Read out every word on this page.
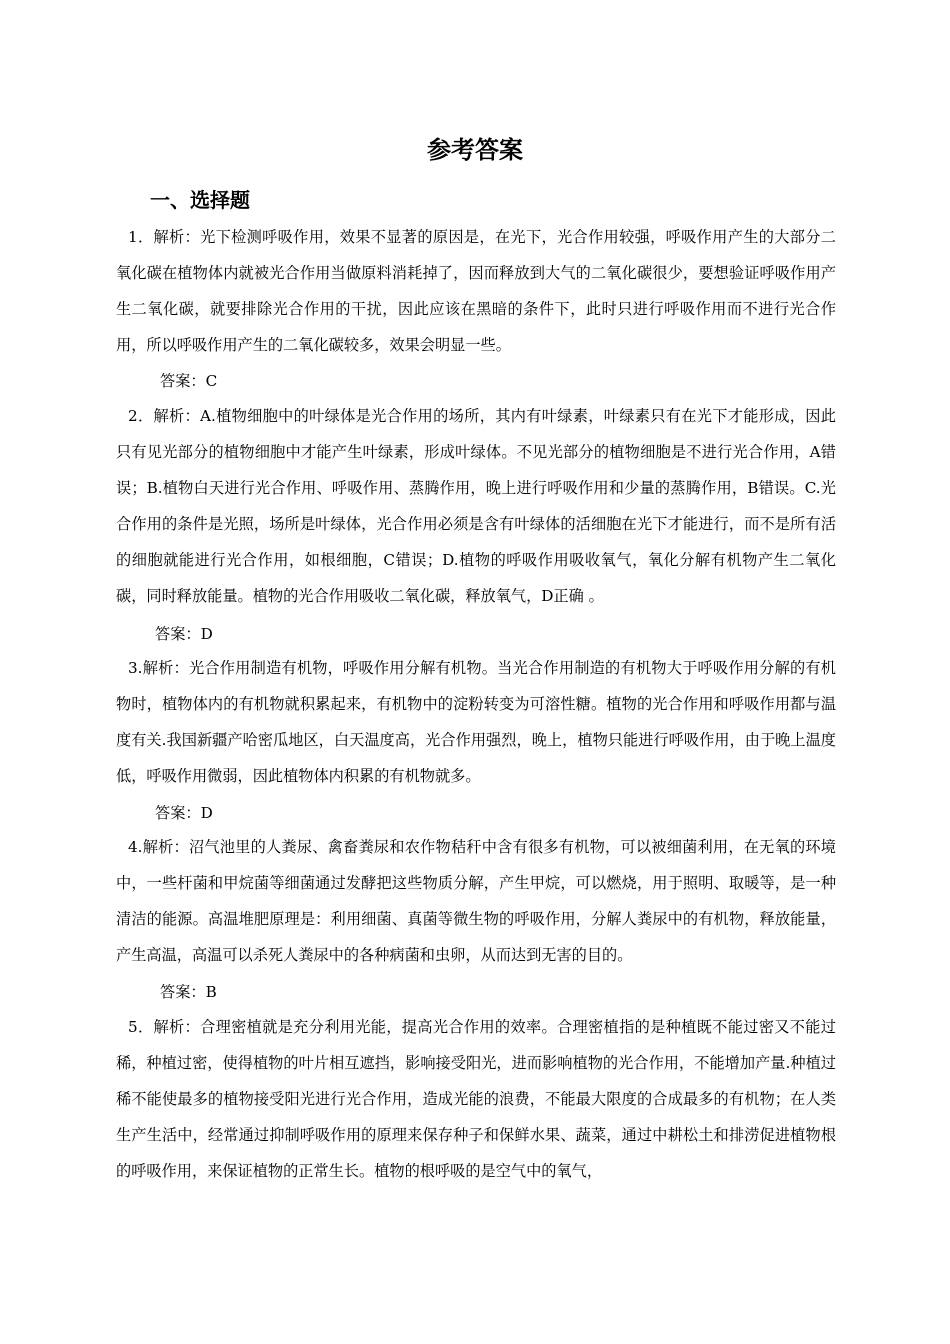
参考答案
一、选择题
1．解析：光下检测呼吸作用，效果不显著的原因是，在光下，光合作用较强，呼吸作用产生的大部分二氧化碳在植物体内就被光合作用当做原料消耗掉了，因而释放到大气的二氧化碳很少，要想验证呼吸作用产生二氧化碳，就要排除光合作用的干扰，因此应该在黑暗的条件下，此时只进行呼吸作用而不进行光合作用，所以呼吸作用产生的二氧化碳较多，效果会明显一些。
答案：C
2．解析：A.植物细胞中的叶绿体是光合作用的场所，其内有叶绿素，叶绿素只有在光下才能形成，因此只有见光部分的植物细胞中才能产生叶绿素，形成叶绿体。不见光部分的植物细胞是不进行光合作用，A错误；B.植物白天进行光合作用、呼吸作用、蒸腾作用，晚上进行呼吸作用和少量的蒸腾作用，B错误。C.光合作用的条件是光照，场所是叶绿体，光合作用必须是含有叶绿体的活细胞在光下才能进行，而不是所有活的细胞就能进行光合作用，如根细胞，C错误；D.植物的呼吸作用吸收氧气，氧化分解有机物产生二氧化碳，同时释放能量。植物的光合作用吸收二氧化碳，释放氧气，D正确 。
答案：D
3.解析：光合作用制造有机物，呼吸作用分解有机物。当光合作用制造的有机物大于呼吸作用分解的有机物时，植物体内的有机物就积累起来，有机物中的淀粉转变为可溶性糖。植物的光合作用和呼吸作用都与温度有关.我国新疆产哈密瓜地区，白天温度高，光合作用强烈，晚上，植物只能进行呼吸作用，由于晚上温度低，呼吸作用微弱，因此植物体内积累的有机物就多。
答案：D
4.解析：沼气池里的人粪尿、禽畜粪尿和农作物秸秆中含有很多有机物，可以被细菌利用，在无氧的环境中，一些杆菌和甲烷菌等细菌通过发酵把这些物质分解，产生甲烷，可以燃烧，用于照明、取暖等，是一种清洁的能源。高温堆肥原理是：利用细菌、真菌等微生物的呼吸作用，分解人粪尿中的有机物，释放能量，产生高温，高温可以杀死人粪尿中的各种病菌和虫卵，从而达到无害的目的。
答案：B
5．解析：合理密植就是充分利用光能，提高光合作用的效率。合理密植指的是种植既不能过密又不能过稀，种植过密，使得植物的叶片相互遮挡，影响接受阳光，进而影响植物的光合作用，不能增加产量.种植过稀不能使最多的植物接受阳光进行光合作用，造成光能的浪费，不能最大限度的合成最多的有机物；在人类生产生活中，经常通过抑制呼吸作用的原理来保存种子和保鲜水果、蔬菜，通过中耕松土和排涝促进植物根的呼吸作用，来保证植物的正常生长。植物的根呼吸的是空气中的氧气，
